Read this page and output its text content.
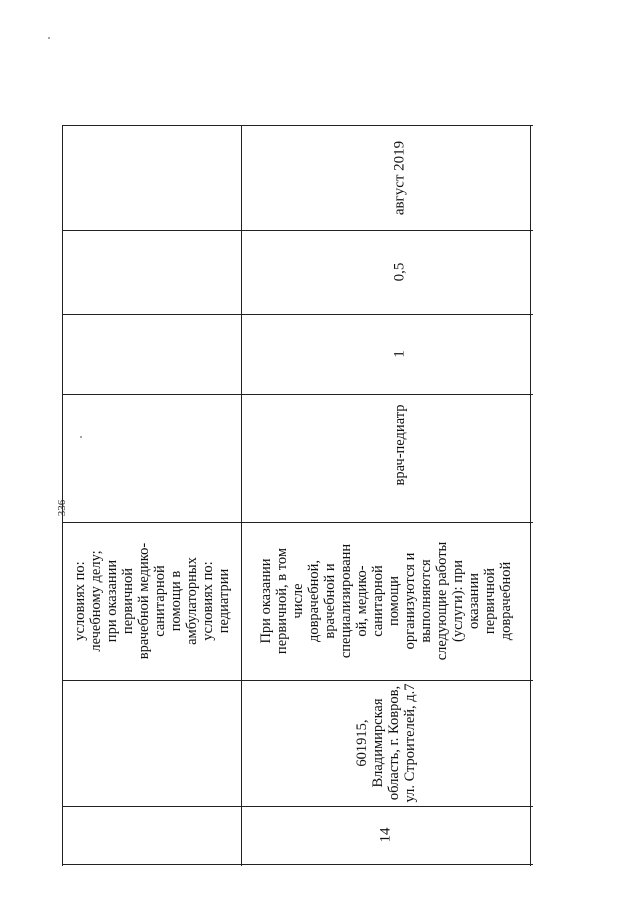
336
условиях по:
лечебному делу;
при оказании
первичной
врачебной медико-
санитарной
помощи в
амбулаторных
условиях по:
педиатрии
14
601915,
Владимирская
область, г. Ковров,
ул. Строителей, д.7
При оказании
первичной, в том
числе
доврачебной,
врачебной и
специализированн
ой, медико-
санитарной
помощи
организуются и
выполняются
следующие работы
(услуги): при
оказании
первичной
доврачебной
врач-педиатр
1
0,5
август 2019
